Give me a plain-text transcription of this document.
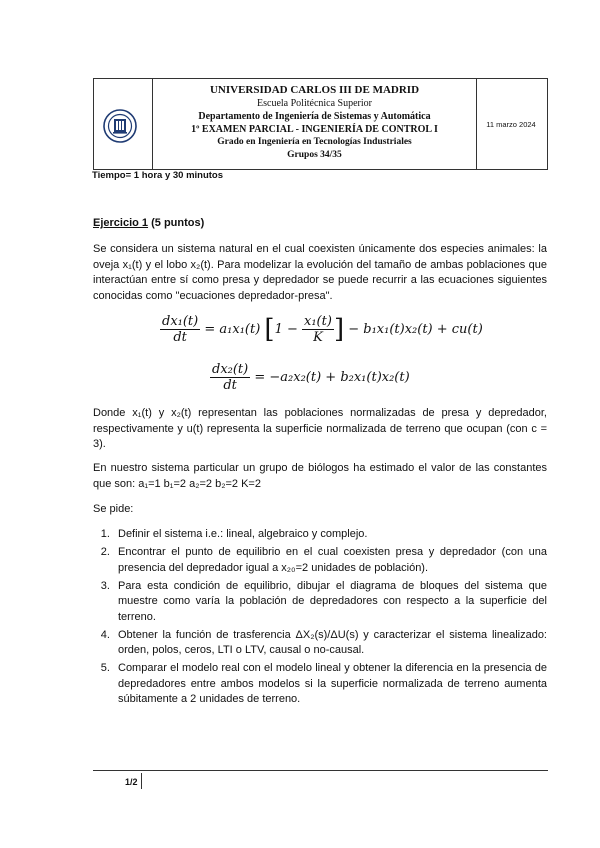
UNIVERSIDAD CARLOS III DE MADRID
Escuela Politécnica Superior
Departamento de Ingeniería de Sistemas y Automática
1º EXAMEN PARCIAL - INGENIERÍA DE CONTROL I
Grado en Ingeniería en Tecnologías Industriales
Grupos 34/35
11 marzo 2024
Tiempo= 1 hora y 30 minutos
Ejercicio 1 (5 puntos)

Se considera un sistema natural en el cual coexisten únicamente dos especies animales: la oveja x₁(t) y el lobo x₂(t). Para modelizar la evolución del tamaño de ambas poblaciones que interactúan entre sí como presa y depredador se puede recurrir a las ecuaciones siguientes conocidas como "ecuaciones depredador-presa".

$\frac{\text{dx₁(t)}}{dt} = a_1x_1(t) [1 - \frac{\text{x₁(t)}}{K}$ ] − b₁x₁(t)x₂(t) + cu(t)
$\frac{\text{dx₂(t)}}{dt} = -a_2x_2(t) + b_2x_1(t)x_2(t)$

Donde x₁(t) y x₂(t) representan las poblaciones normalizadas de presa y depredador, respectivamente y u(t) representa la superficie normalizada de terreno que ocupan (con c = 3).

En nuestro sistema particular un grupo de biólogos ha estimado el valor de las constantes que son: a₁=1 b₁=2 a₂=2 b₂=2 K=2

Se pide:

1. Definir el sistema i.e.: lineal, algebraico y complejo.
2. Encontrar el punto de equilibrio en el cual coexisten presa y depredador (con una presencia del depredador igual a x₂₀=2 unidades de población).
3. Para esta condición de equilibrio, dibujar el diagrama de bloques del sistema que muestre como varía la población de depredadores con respecto a la superficie del terreno.
4. Obtener la función de trasferencia ΔX₂(s)/ΔU(s) y caracterizar el sistema linealizado: orden, polos, ceros, LTI o LTV, causal o no-causal.
5. Comparar el modelo real con el modelo lineal y obtener la diferencia en la presencia de depredadores entre ambos modelos si la superficie normalizada de terreno aumenta súbitamente a 2 unidades de terreno.
1/2
